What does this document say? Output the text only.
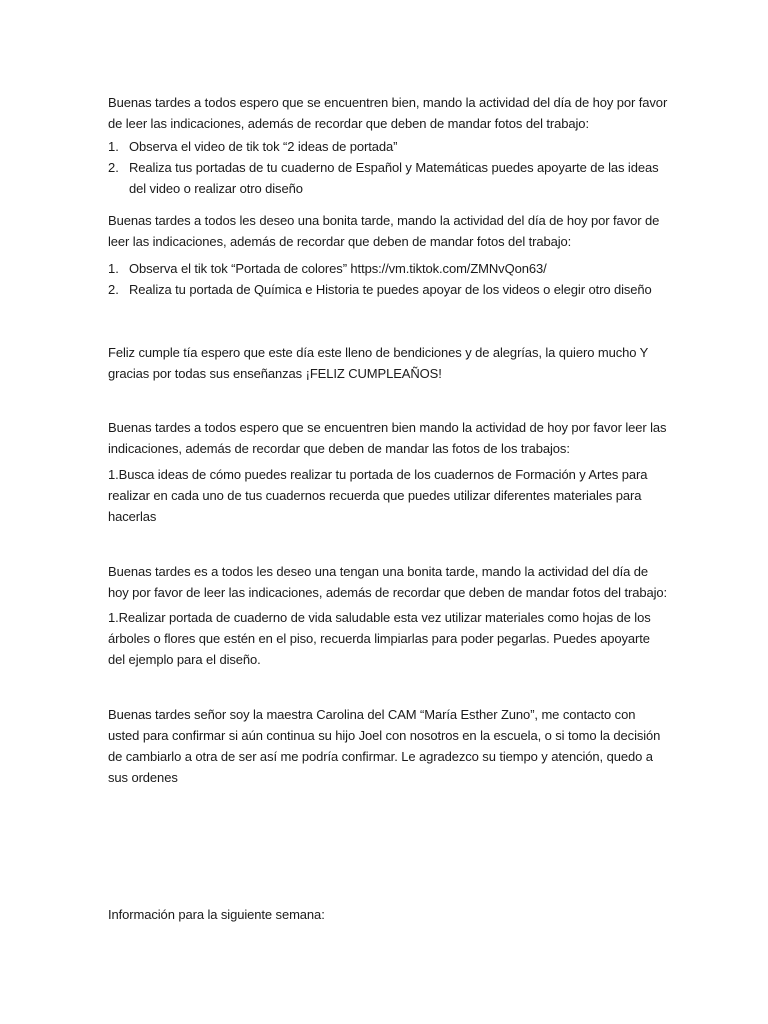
Buenas tardes a todos espero que se encuentren bien, mando la actividad del día de hoy por favor de leer las indicaciones, además de recordar que deben de mandar fotos del trabajo:

1. Observa el video de tik tok “2 ideas de portada”

2. Realiza tus portadas de tu cuaderno de Español y Matemáticas puedes apoyarte de las ideas del video o realizar otro diseño

Buenas tardes a todos les deseo una bonita tarde, mando la actividad del día de hoy por favor de leer las indicaciones, además de recordar que deben de mandar fotos del trabajo:

1. Observa el tik tok “Portada de colores” https://vm.tiktok.com/ZMNvQon63/

2. Realiza tu portada de Química e Historia te puedes apoyar de los videos o elegir otro diseño

Feliz cumple tía espero que este día este lleno de bendiciones y de alegrías, la quiero mucho Y gracias por todas sus enseñanzas ¡FELIZ CUMPLEAÑOS!

Buenas tardes a todos espero que se encuentren bien mando la actividad de hoy por favor leer las indicaciones, además de recordar que deben de mandar las fotos de los trabajos:

1.Busca ideas de cómo puedes realizar tu portada de los cuadernos de Formación y Artes para realizar en cada uno de tus cuadernos recuerda que puedes utilizar diferentes materiales para hacerlas

Buenas tardes es a todos les deseo una tengan una bonita tarde, mando la actividad del día de hoy por favor de leer las indicaciones, además de recordar que deben de mandar fotos del trabajo:

1.Realizar portada de cuaderno de vida saludable esta vez utilizar materiales como hojas de los árboles o flores que estén en el piso, recuerda limpiarlas para poder pegarlas. Puedes apoyarte del ejemplo para el diseño.

Buenas tardes señor soy la maestra Carolina del CAM “María Esther Zuno”, me contacto con usted para confirmar si aún continua su hijo Joel con nosotros en la escuela, o si tomo la decisión de cambiarlo a otra de ser así me podría confirmar. Le agradezco su tiempo y atención, quedo a sus ordenes

Información para la siguiente semana:
